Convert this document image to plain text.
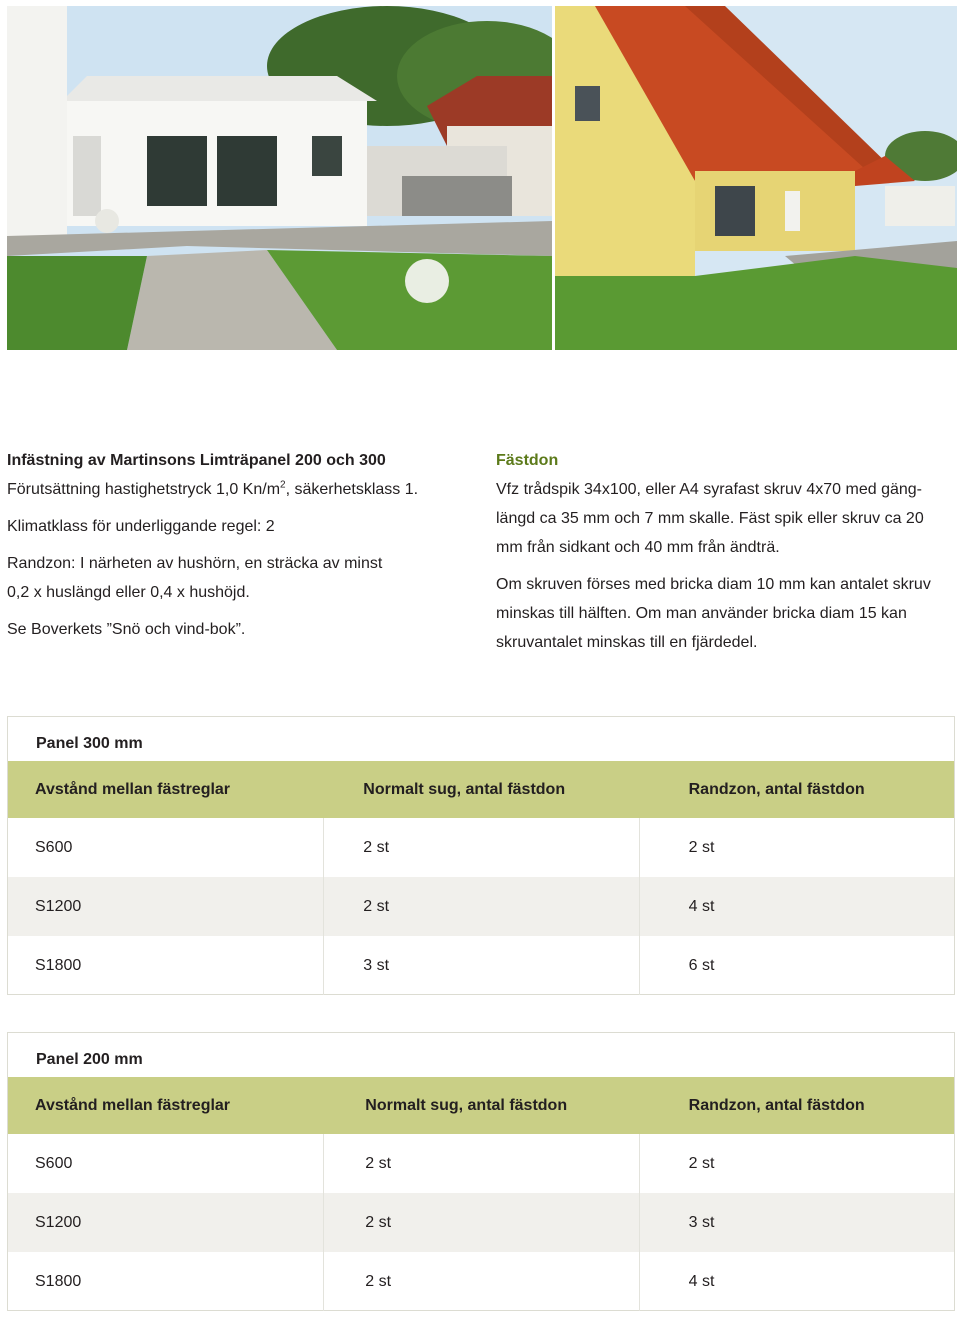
Infästning av Martinsons Limträpanel 200 och 300

Förutsättning hastighetstryck 1,0 $Kn/m^2$, säkerhetsklass 1.

Klimatklass för underliggande regel: 2

Randzon: I närheten av hushörn, en sträcka av minst

0,2 x huslängd eller 0,4 x hushöjd.

Se Boverkets ”Snö och vind-bok”.

Fästdon

Vfz trådspik 34x100, eller A4 syrafast skruv 4x70 med gäng-

längd ca 35 mm och 7 mm skalle. Fäst spik eller skruv ca 20

mm från sidkant och 40 mm från ändträ.

Om skruven förses med bricka diam 10 mm kan antalet skruv

minskas till hälften. Om man använder bricka diam 15 kan

skruvantalet minskas till en fjärdedel.

Panel 300 mm
Avstånd mellan fästreglar	Normalt sug, antal fästdon	Randzon, antal fästdon
S600	2 st	2 st
S1200	2 st	4 st
S1800	3 st	6 st
Panel 200 mm
Avstånd mellan fästreglar	Normalt sug, antal fästdon	Randzon, antal fästdon
S600	2 st	2 st
S1200	2 st	3 st
S1800	2 st	4 st
